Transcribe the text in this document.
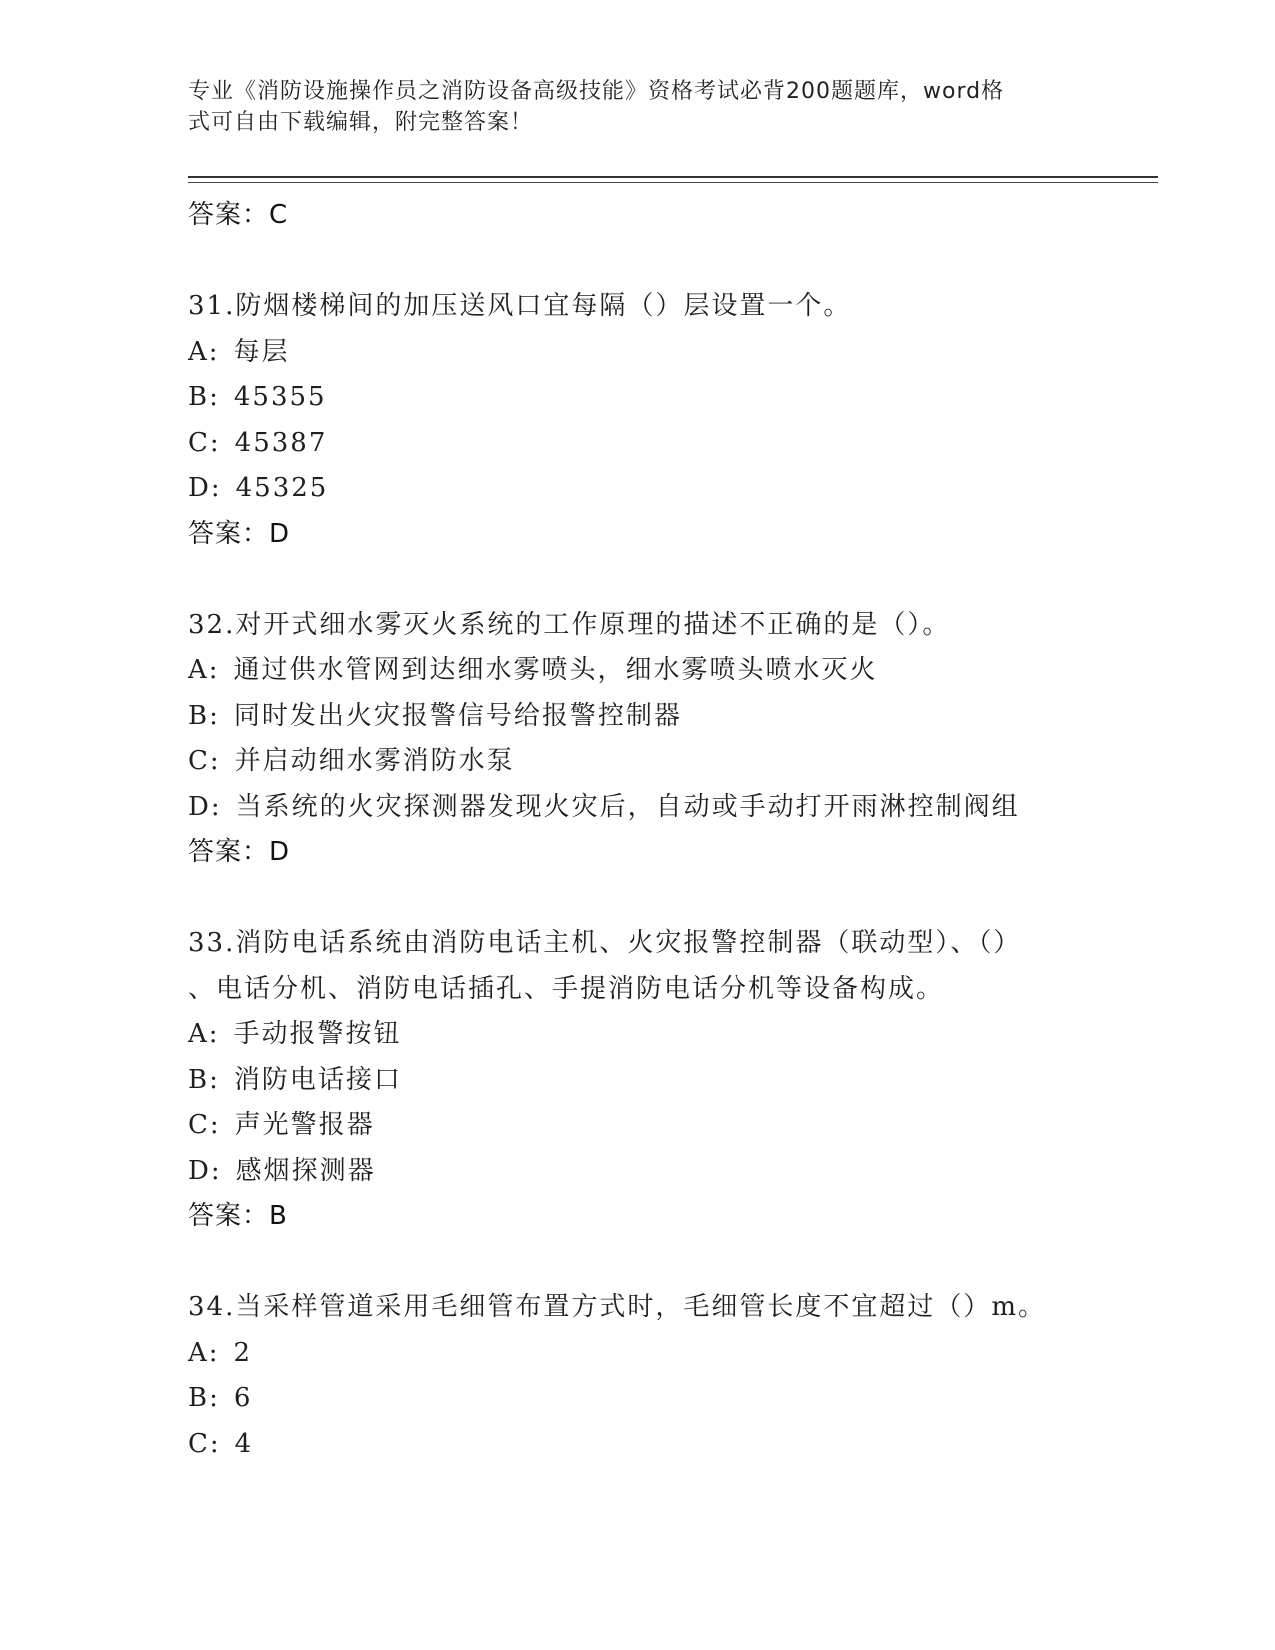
专业《消防设施操作员之消防设备高级技能》资格考试必背200题题库，word格
式可自由下载编辑，附完整答案！
答案：C
31.防烟楼梯间的加压送风口宜每隔（）层设置一个。
A: 每层
B: 45355
C: 45387
D: 45325
答案：D
32.对开式细水雾灭火系统的工作原理的描述不正确的是（）。
A: 通过供水管网到达细水雾喷头，细水雾喷头喷水灭火
B: 同时发出火灾报警信号给报警控制器
C: 并启动细水雾消防水泵
D: 当系统的火灾探测器发现火灾后，自动或手动打开雨淋控制阀组
答案：D
33.消防电话系统由消防电话主机、火灾报警控制器（联动型）、（）
、电话分机、消防电话插孔、手提消防电话分机等设备构成。
A: 手动报警按钮
B: 消防电话接口
C: 声光警报器
D: 感烟探测器
答案：B
34.当采样管道采用毛细管布置方式时，毛细管长度不宜超过（）m。
A: 2
B: 6
C: 4
